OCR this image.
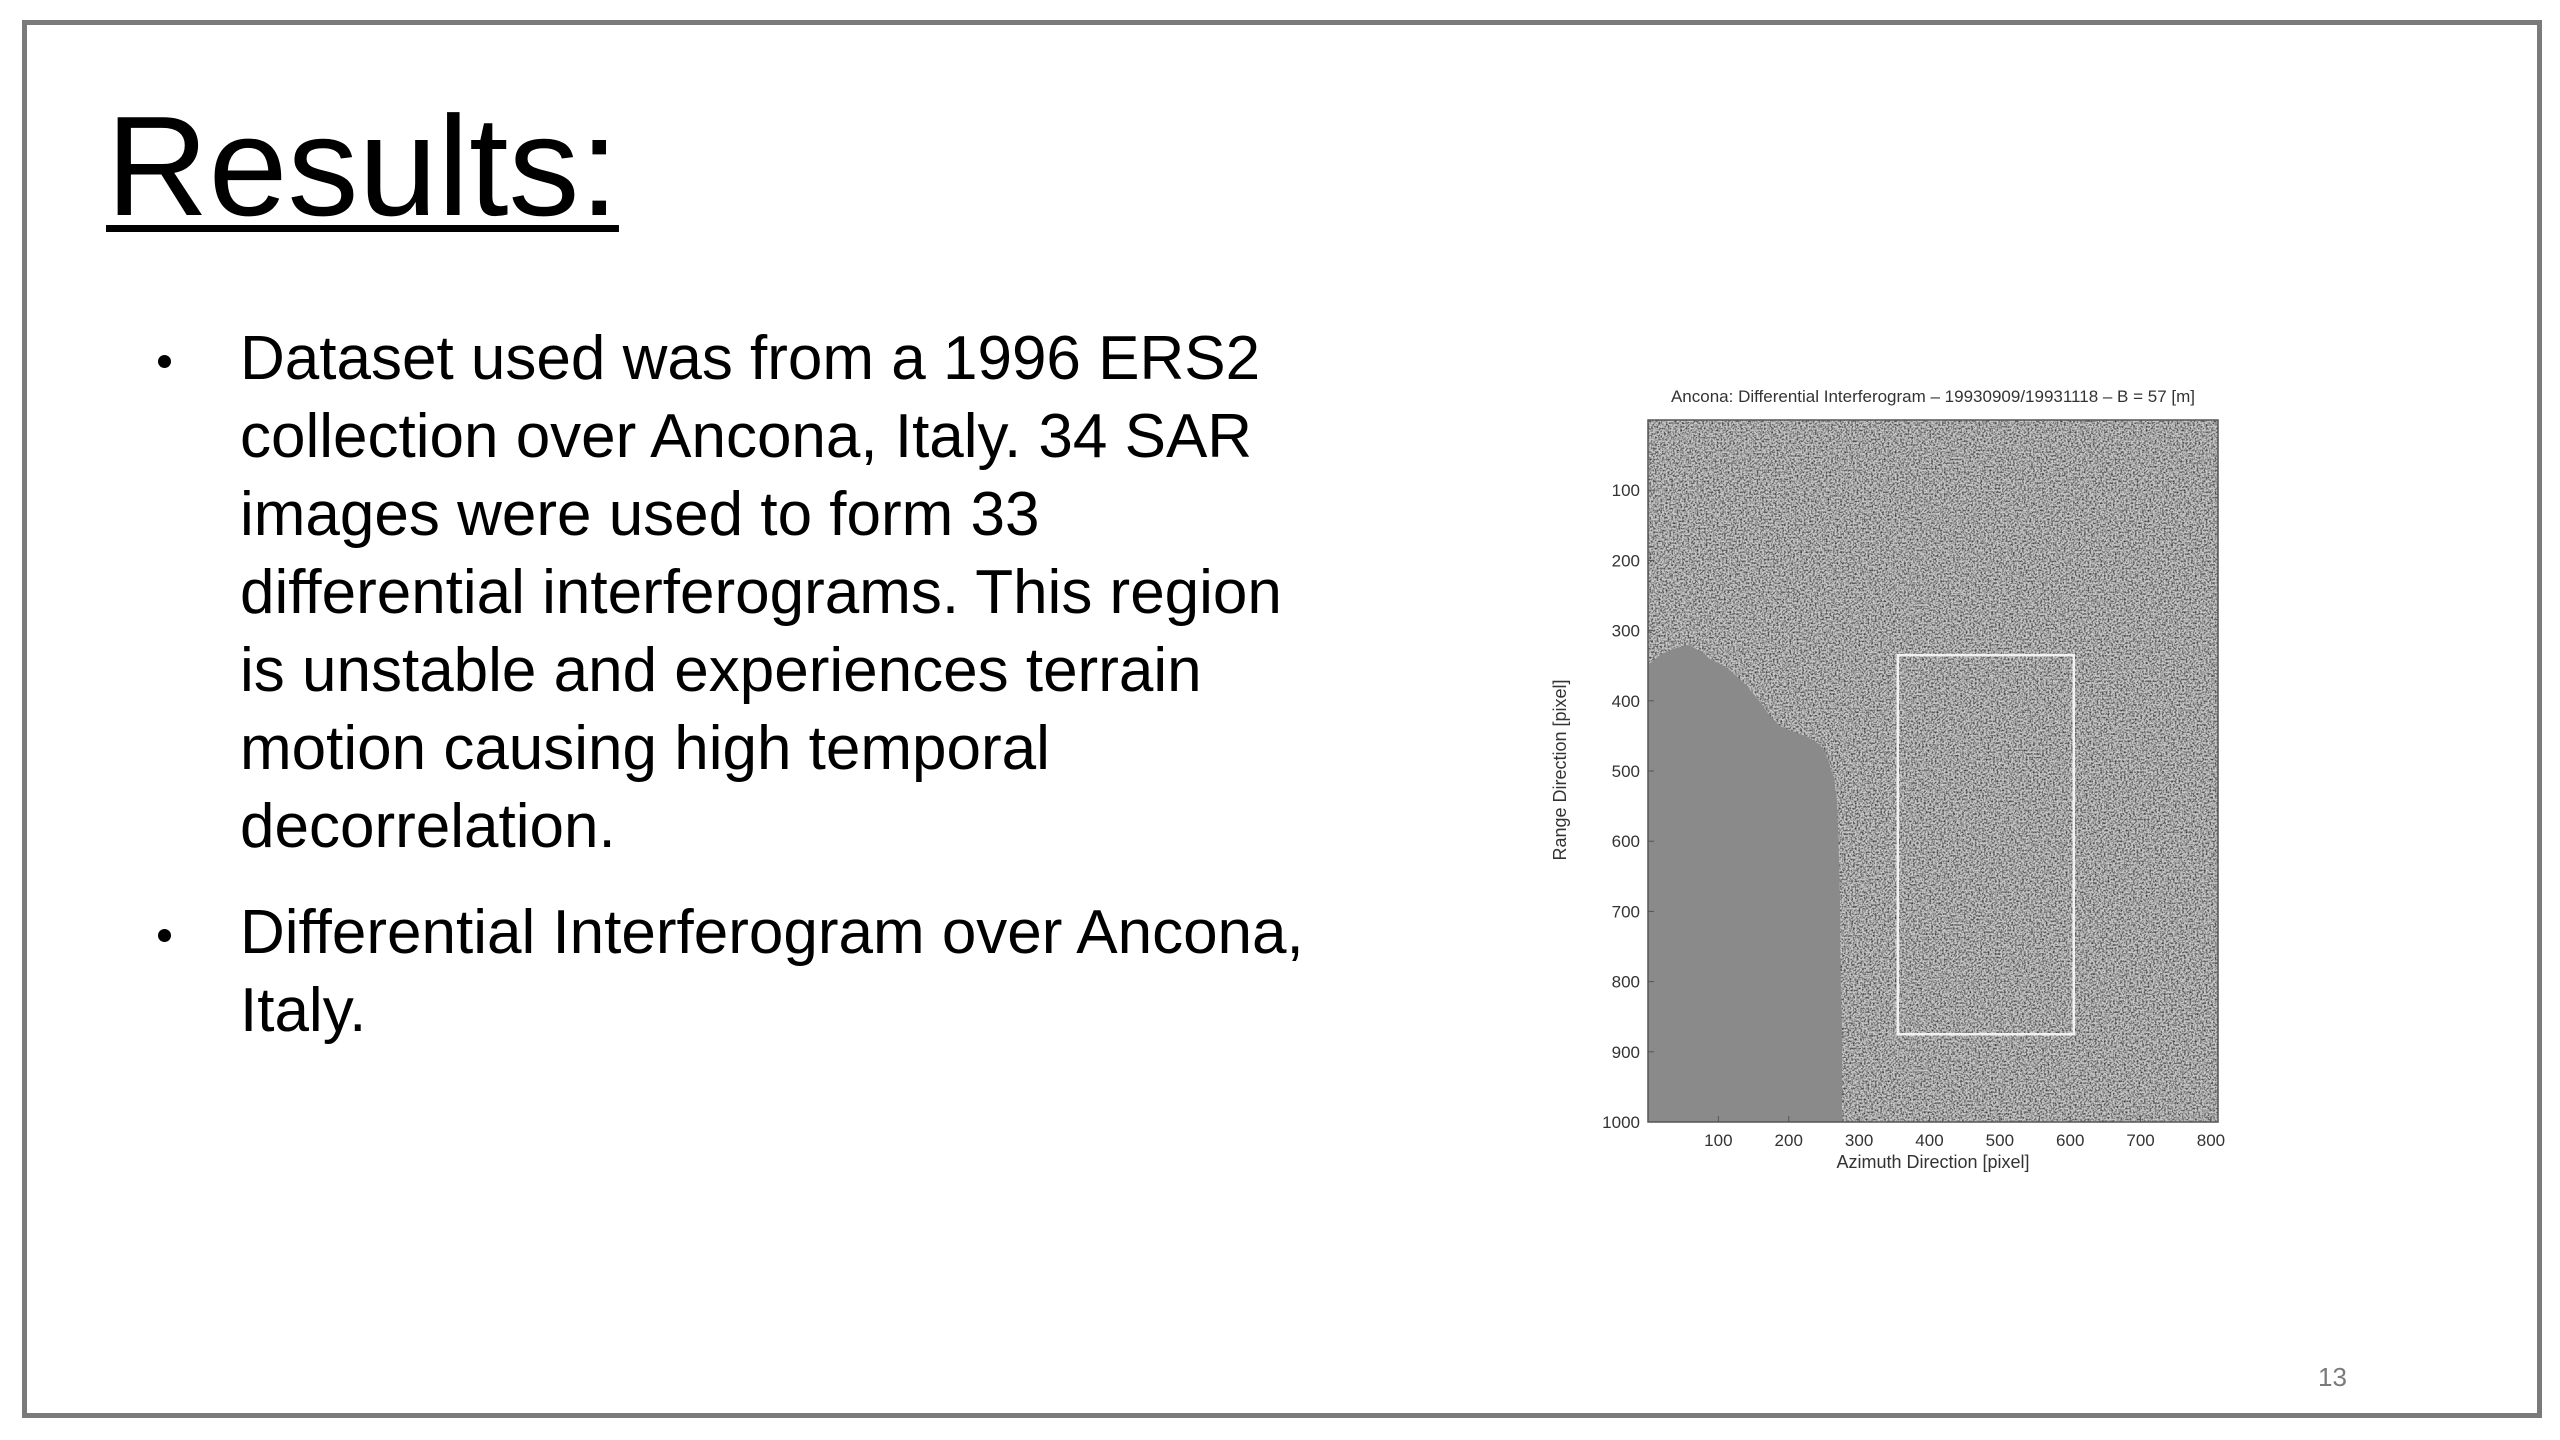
Results:
Dataset used was from a 1996 ERS2 collection over Ancona, Italy. 34 SAR images were used to form 33 differential interferograms. This region is unstable and experiences terrain motion causing high temporal decorrelation.
Differential Interferogram over Ancona, Italy.
Ancona: Differential Interferogram – 19930909/19931118 – B = 57 [m]
100 200 300 400 500 600 700 800
100
200
300
400
500
600
700
800
900
1000
Azimuth Direction [pixel]
Range Direction [pixel]
13
